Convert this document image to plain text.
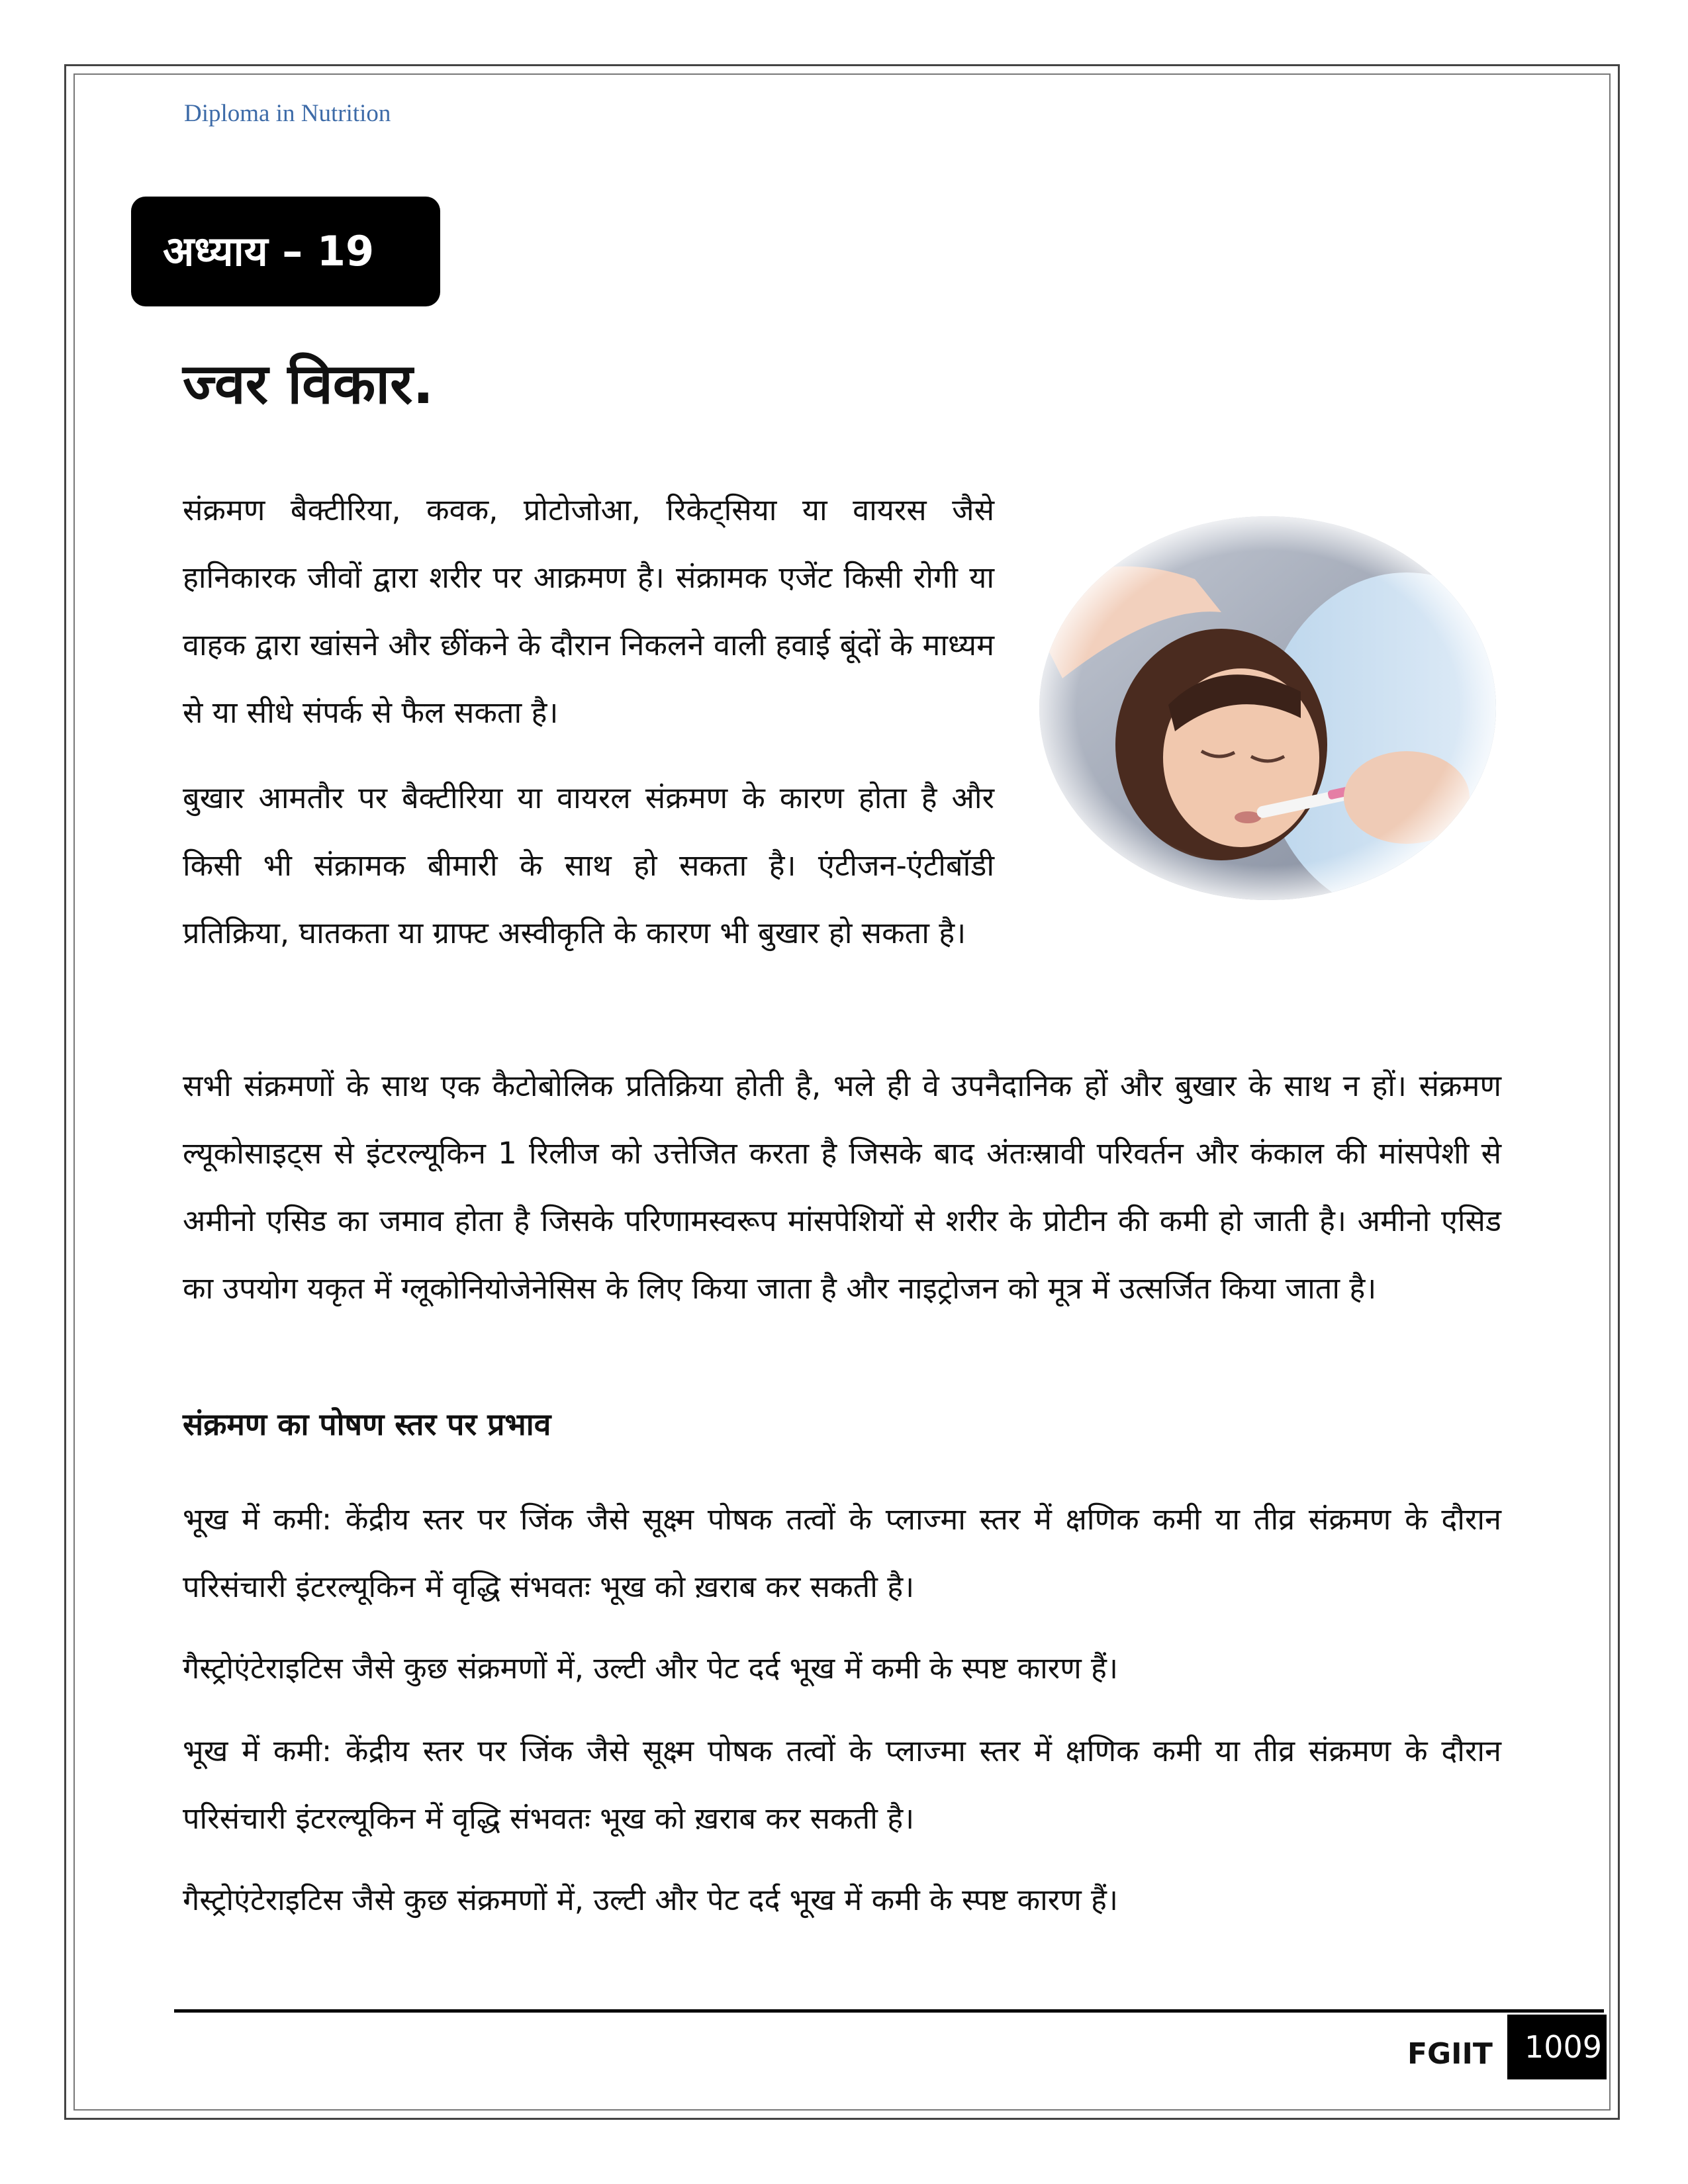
Diploma in Nutrition
अध्याय – 19
ज्वर विकार.

संक्रमण बैक्टीरिया, कवक, प्रोटोजोआ, रिकेट्सिया या वायरस जैसे हानिकारक जीवों द्वारा शरीर पर आक्रमण है। संक्रामक एजेंट किसी रोगी या वाहक द्वारा खांसने और छींकने के दौरान निकलने वाली हवाई बूंदों के माध्यम से या सीधे संपर्क से फैल सकता है।

बुखार आमतौर पर बैक्टीरिया या वायरल संक्रमण के कारण होता है और किसी भी संक्रामक बीमारी के साथ हो सकता है। एंटीजन-एंटीबॉडी प्रतिक्रिया, घातकता या ग्राफ्ट अस्वीकृति के कारण भी बुखार हो सकता है।

सभी संक्रमणों के साथ एक कैटोबोलिक प्रतिक्रिया होती है, भले ही वे उपनैदानिक हों और बुखार के साथ न हों। संक्रमण ल्यूकोसाइट्स से इंटरल्यूकिन 1 रिलीज को उत्तेजित करता है जिसके बाद अंतःस्रावी परिवर्तन और कंकाल की मांसपेशी से अमीनो एसिड का जमाव होता है जिसके परिणामस्वरूप मांसपेशियों से शरीर के प्रोटीन की कमी हो जाती है। अमीनो एसिड का उपयोग यकृत में ग्लूकोनियोजेनेसिस के लिए किया जाता है और नाइट्रोजन को मूत्र में उत्सर्जित किया जाता है।

संक्रमण का पोषण स्तर पर प्रभाव

भूख में कमी: केंद्रीय स्तर पर जिंक जैसे सूक्ष्म पोषक तत्वों के प्लाज्मा स्तर में क्षणिक कमी या तीव्र संक्रमण के दौरान परिसंचारी इंटरल्यूकिन में वृद्धि संभवतः भूख को ख़राब कर सकती है।

गैस्ट्रोएंटेराइटिस जैसे कुछ संक्रमणों में, उल्टी और पेट दर्द भूख में कमी के स्पष्ट कारण हैं।

भूख में कमी: केंद्रीय स्तर पर जिंक जैसे सूक्ष्म पोषक तत्वों के प्लाज्मा स्तर में क्षणिक कमी या तीव्र संक्रमण के दौरान परिसंचारी इंटरल्यूकिन में वृद्धि संभवतः भूख को ख़राब कर सकती है।

गैस्ट्रोएंटेराइटिस जैसे कुछ संक्रमणों में, उल्टी और पेट दर्द भूख में कमी के स्पष्ट कारण हैं।

FGIIT	1009
